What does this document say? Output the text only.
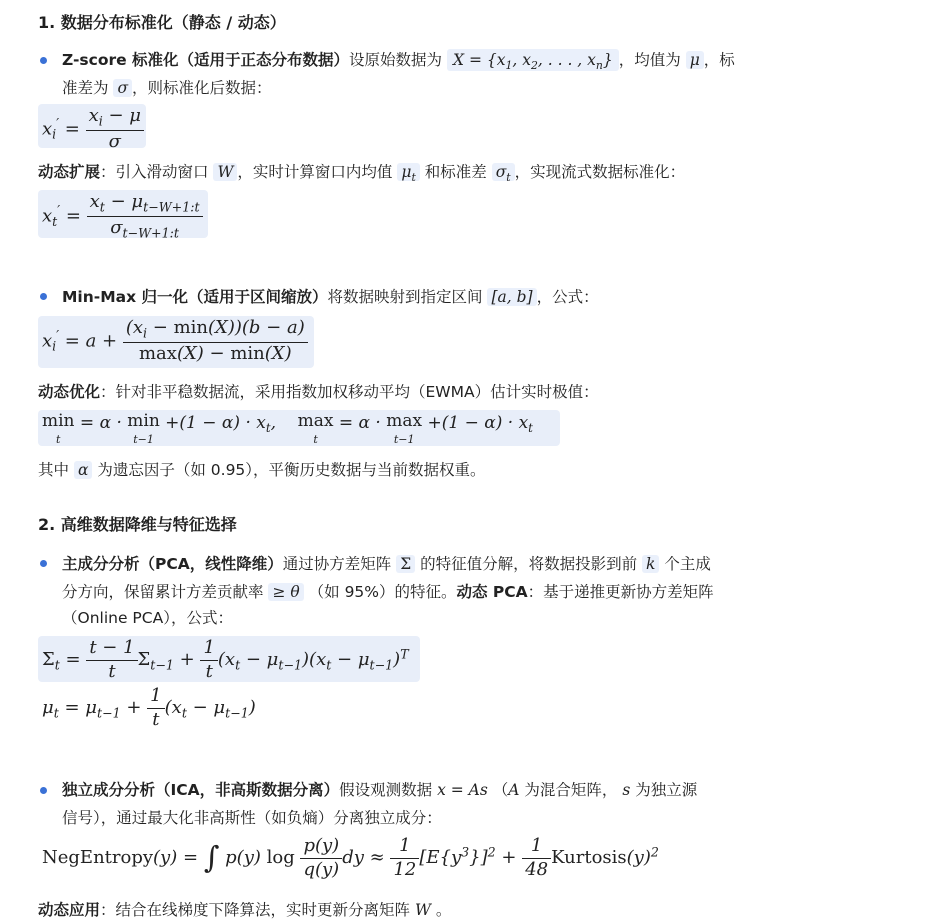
1. 数据分布标准化（静态 / 动态）
Z-score 标准化（适用于正态分布数据）设原始数据为 $X = \{x_1$, $x_2$, . . . , $x_n$} ，均值为 μ ，标
准差为 σ ，则标准化后数据：
$x_i' = \frac{x_i - \mu}{\sigma}$
动态扩展：引入滑动窗口 W ，实时计算窗口内均值 $\mu_t$ 和标准差 $\sigma_t$ ，实现流式数据标准化：
$x_t' = \frac{x_t - \mu_{t-W+1:t}}{\sigma_{t-W+1:t}}$
Min-Max 归一化（适用于区间缩放）将数据映射到指定区间 [a, b] ，公式：
$x_i' = a + \frac{(x_i - \min(X))(b - a)}{\max(X) - \min(X)}$
动态优化：针对非平稳数据流，采用指数加权移动平均（EWMA）估计实时极值：
min
t = α · min
$t-1 +(1 - \alpha) \cdot x_t$,    max
t = α · max
$t-1 +(1 - \alpha) \cdot x_t$
其中 α 为遗忘因子（如 0.95），平衡历史数据与当前数据权重。
2. 高维数据降维与特征选择
主成分分析（PCA，线性降维）通过协方差矩阵 Σ 的特征值分解，将数据投影到前 k 个主成
分方向，保留累计方差贡献率 ≥ θ （如 95%）的特征。动态 PCA：基于递推更新协方差矩阵
（Online PCA），公式：
$\Sigma_t = \frac{t - 1}{t} \Sigma_{t-1} + \frac{1}{t} (x_t - \mu_{t-1})(x_t - \mu_{t-1})^T$
$\mu_t = \mu_{t-1} + \frac{1}{t} (x_t - \mu_{t-1})$
独立成分分析（ICA，非高斯数据分离）假设观测数据 x = As （A 为混合矩阵， s 为独立源
信号），通过最大化非高斯性（如负熵）分离独立成分：
NegEntropy(y) = ∫ p(y) $\log \frac{p(y)}{q(y)}$ dy ≈ $\frac{1}{12} [E\{y^3\}]^2 + \frac{1}{48}$ $Kurtosis(y)^2$
动态应用：结合在线梯度下降算法，实时更新分离矩阵 W 。
